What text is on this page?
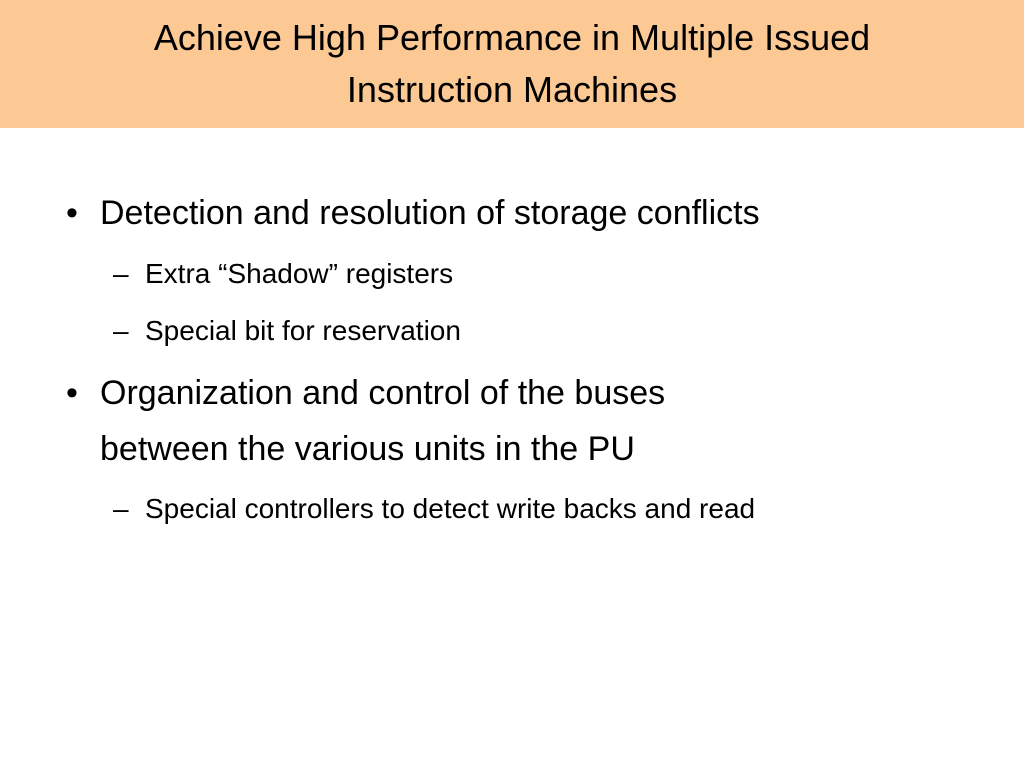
Achieve High Performance in Multiple Issued
Instruction Machines
• Detection and resolution of storage conflicts
– Extra “Shadow” registers
– Special bit for reservation
• Organization and control of the buses
between the various units in the PU
– Special controllers to detect write backs and read
